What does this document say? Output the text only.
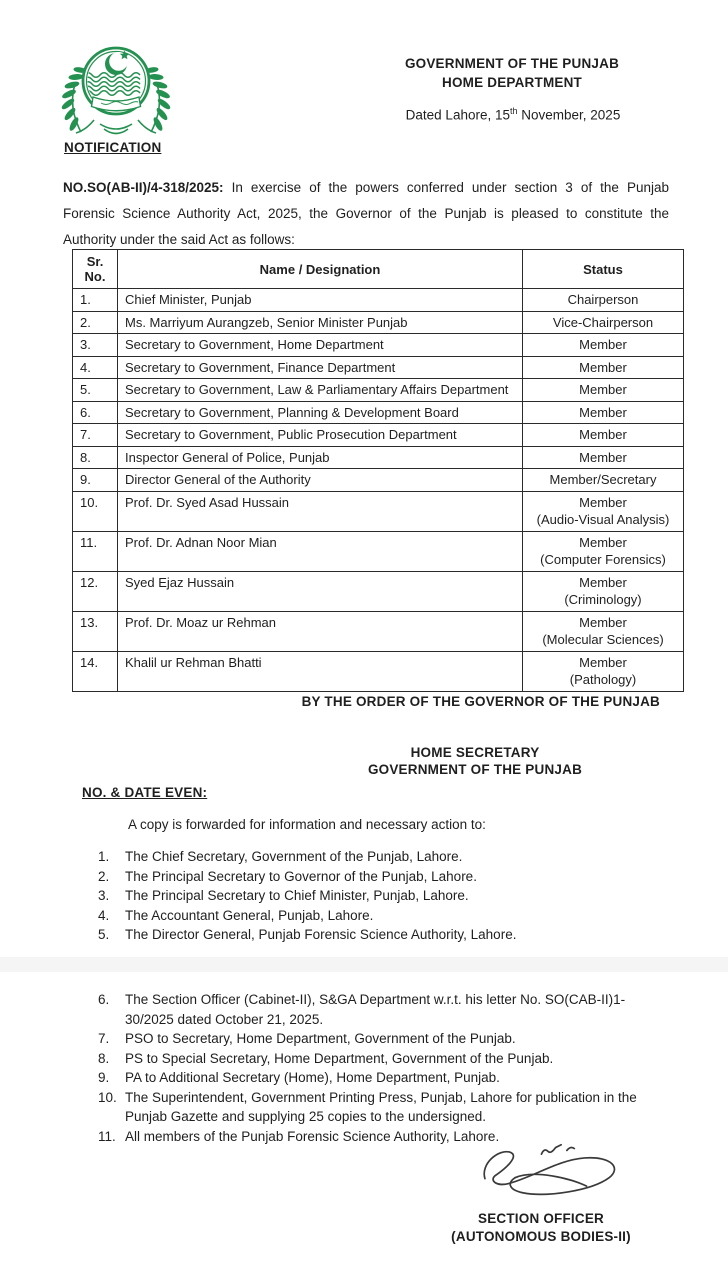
GOVERNMENT OF THE PUNJAB
HOME DEPARTMENT
Dated Lahore, 15th November, 2025
NOTIFICATION

NO.SO(AB-II)/4-318/2025: In exercise of the powers conferred under section 3 of the Punjab Forensic Science Authority Act, 2025, the Governor of the Punjab is pleased to constitute the Authority under the said Act as follows:

Sr.
No.	Name / Designation	Status
1.	Chief Minister, Punjab	Chairperson

2.	Ms. Marriyum Aurangzeb, Senior Minister Punjab	Vice-Chairperson

3.	Secretary to Government, Home Department	Member

4.	Secretary to Government, Finance Department	Member

5.	Secretary to Government, Law & Parliamentary Affairs Department	Member

6.	Secretary to Government, Planning & Development Board	Member

7.	Secretary to Government, Public Prosecution Department	Member

8.	Inspector General of Police, Punjab	Member

9.	Director General of the Authority	Member/Secretary

10.	Prof. Dr. Syed Asad Hussain	Member
(Audio-Visual Analysis)

11.	Prof. Dr. Adnan Noor Mian	Member
(Computer Forensics)

12.	Syed Ejaz Hussain	Member
(Criminology)

13.	Prof. Dr. Moaz ur Rehman	Member
(Molecular Sciences)

14.	Khalil ur Rehman Bhatti	Member
(Pathology)
BY THE ORDER OF THE GOVERNOR OF THE PUNJAB
HOME SECRETARY
GOVERNMENT OF THE PUNJAB
NO. & DATE EVEN:
A copy is forwarded for information and necessary action to:
1.	The Chief Secretary, Government of the Punjab, Lahore.
2.	The Principal Secretary to Governor of the Punjab, Lahore.
3.	The Principal Secretary to Chief Minister, Punjab, Lahore.
4.	The Accountant General, Punjab, Lahore.
5.	The Director General, Punjab Forensic Science Authority, Lahore.
6.	The Section Officer (Cabinet-II), S&GA Department w.r.t. his letter No. SO(CAB-II)1-30/2025 dated October 21, 2025.
7.	PSO to Secretary, Home Department, Government of the Punjab.
8.	PS to Special Secretary, Home Department, Government of the Punjab.
9.	PA to Additional Secretary (Home), Home Department, Punjab.
10. The Superintendent, Government Printing Press, Punjab, Lahore for publication in the Punjab Gazette and supplying 25 copies to the undersigned.
11. All members of the Punjab Forensic Science Authority, Lahore.
SECTION OFFICER
(AUTONOMOUS BODIES-II)
